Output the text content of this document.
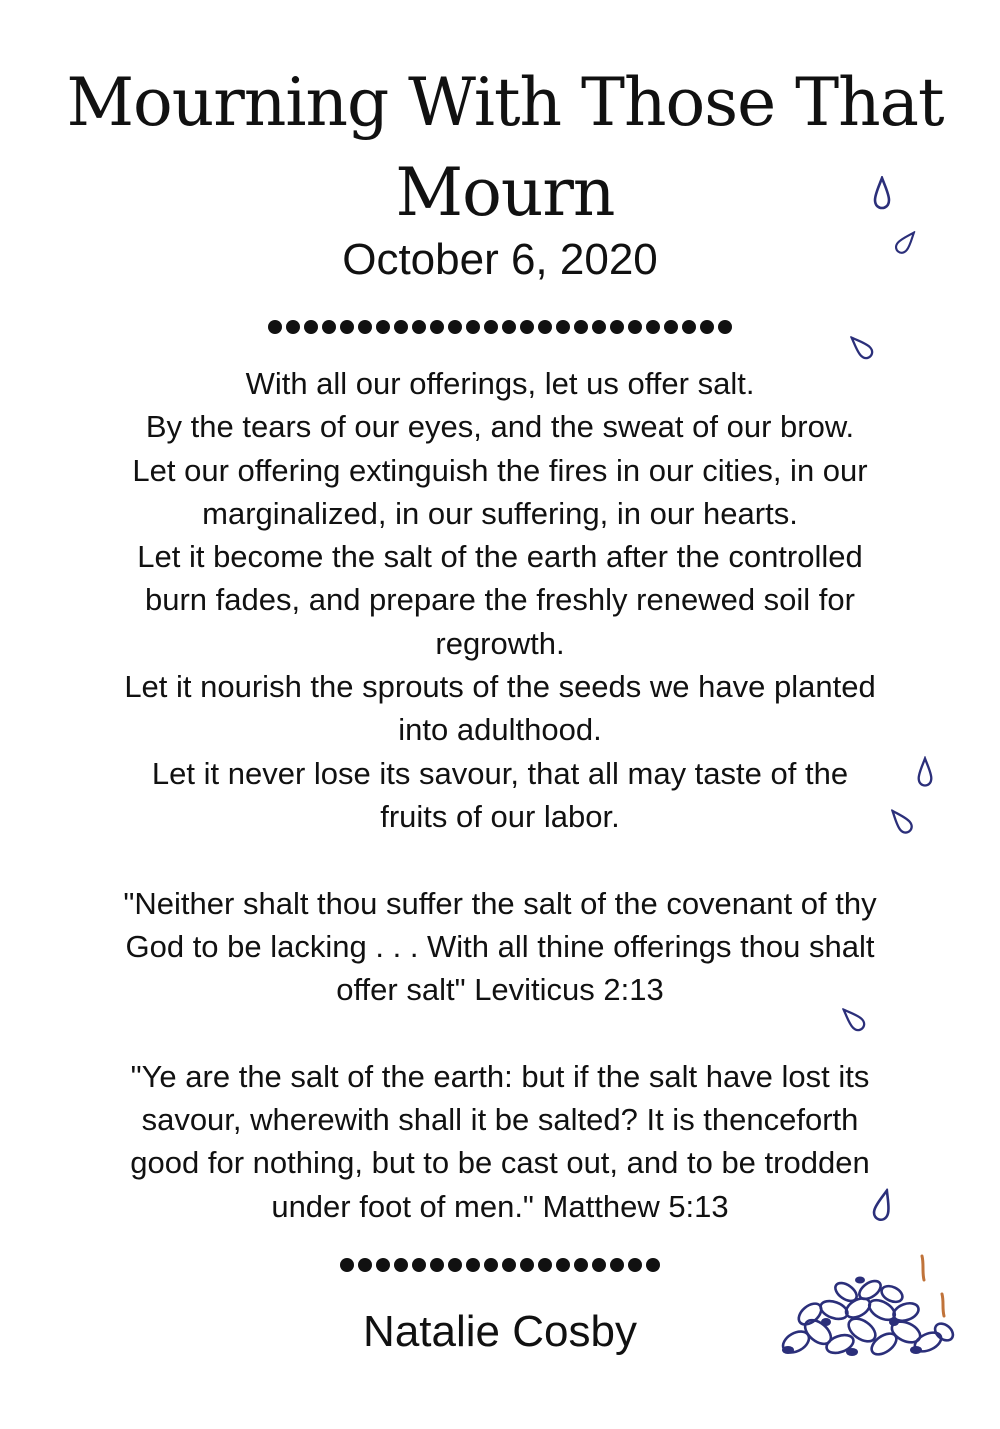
Mourning With Those That
Mourn
October 6, 2020
With all our offerings, let us offer salt.
By the tears of our eyes, and the sweat of our brow.
Let our offering extinguish the fires in our cities, in our
marginalized, in our suffering, in our hearts.
Let it become the salt of the earth after the controlled
burn fades, and prepare the freshly renewed soil for
regrowth.
Let it nourish the sprouts of the seeds we have planted
into adulthood.
Let it never lose its savour, that all may taste of the
fruits of our labor.
"Neither shalt thou suffer the salt of the covenant of thy
God to be lacking . . . With all thine offerings thou shalt
offer salt" Leviticus 2:13
"Ye are the salt of the earth: but if the salt have lost its
savour, wherewith shall it be salted? It is thenceforth
good for nothing, but to be cast out, and to be trodden
under foot of men." Matthew 5:13
Natalie Cosby
